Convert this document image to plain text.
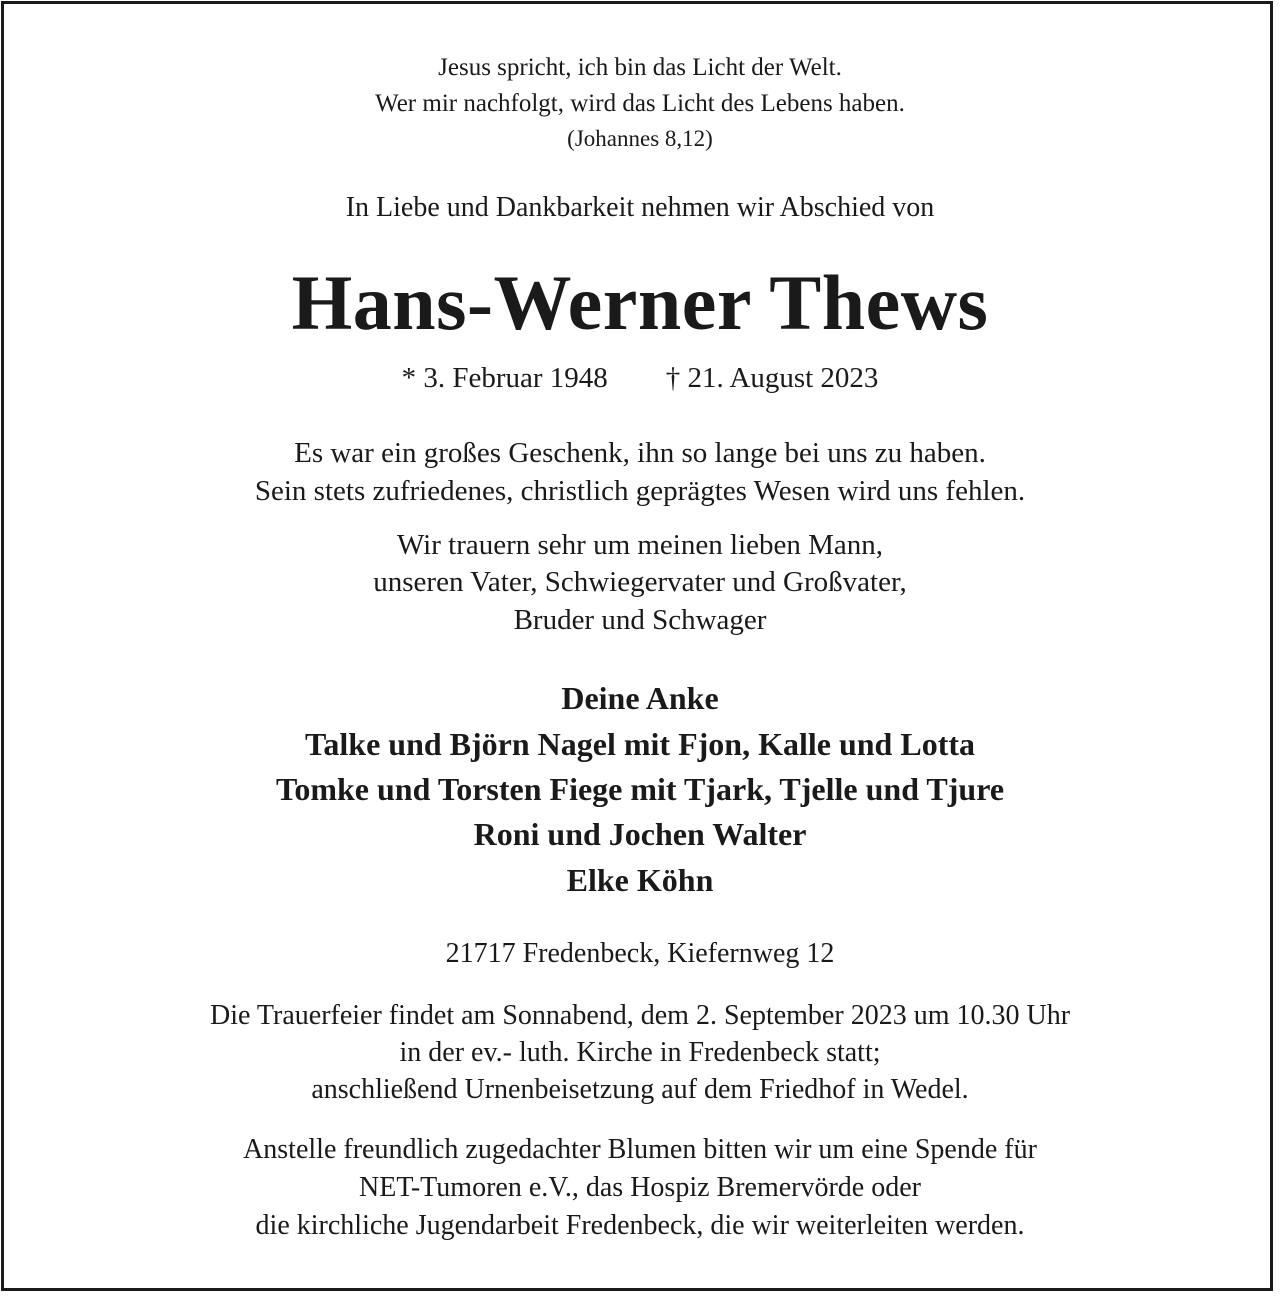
Jesus spricht, ich bin das Licht der Welt.
Wer mir nachfolgt, wird das Licht des Lebens haben.
(Johannes 8,12)
In Liebe und Dankbarkeit nehmen wir Abschied von
Hans-Werner Thews
* 3. Februar 1948 † 21. August 2023
Es war ein großes Geschenk, ihn so lange bei uns zu haben.
Sein stets zufriedenes, christlich geprägtes Wesen wird uns fehlen.
Wir trauern sehr um meinen lieben Mann,
unseren Vater, Schwiegervater und Großvater,
Bruder und Schwager
Deine Anke
Talke und Björn Nagel mit Fjon, Kalle und Lotta
Tomke und Torsten Fiege mit Tjark, Tjelle und Tjure
Roni und Jochen Walter
Elke Köhn
21717 Fredenbeck, Kiefernweg 12
Die Trauerfeier findet am Sonnabend, dem 2. September 2023 um 10.30 Uhr
in der ev.- luth. Kirche in Fredenbeck statt;
anschließend Urnenbeisetzung auf dem Friedhof in Wedel.
Anstelle freundlich zugedachter Blumen bitten wir um eine Spende für
NET-Tumoren e.V., das Hospiz Bremervörde oder
die kirchliche Jugendarbeit Fredenbeck, die wir weiterleiten werden.
